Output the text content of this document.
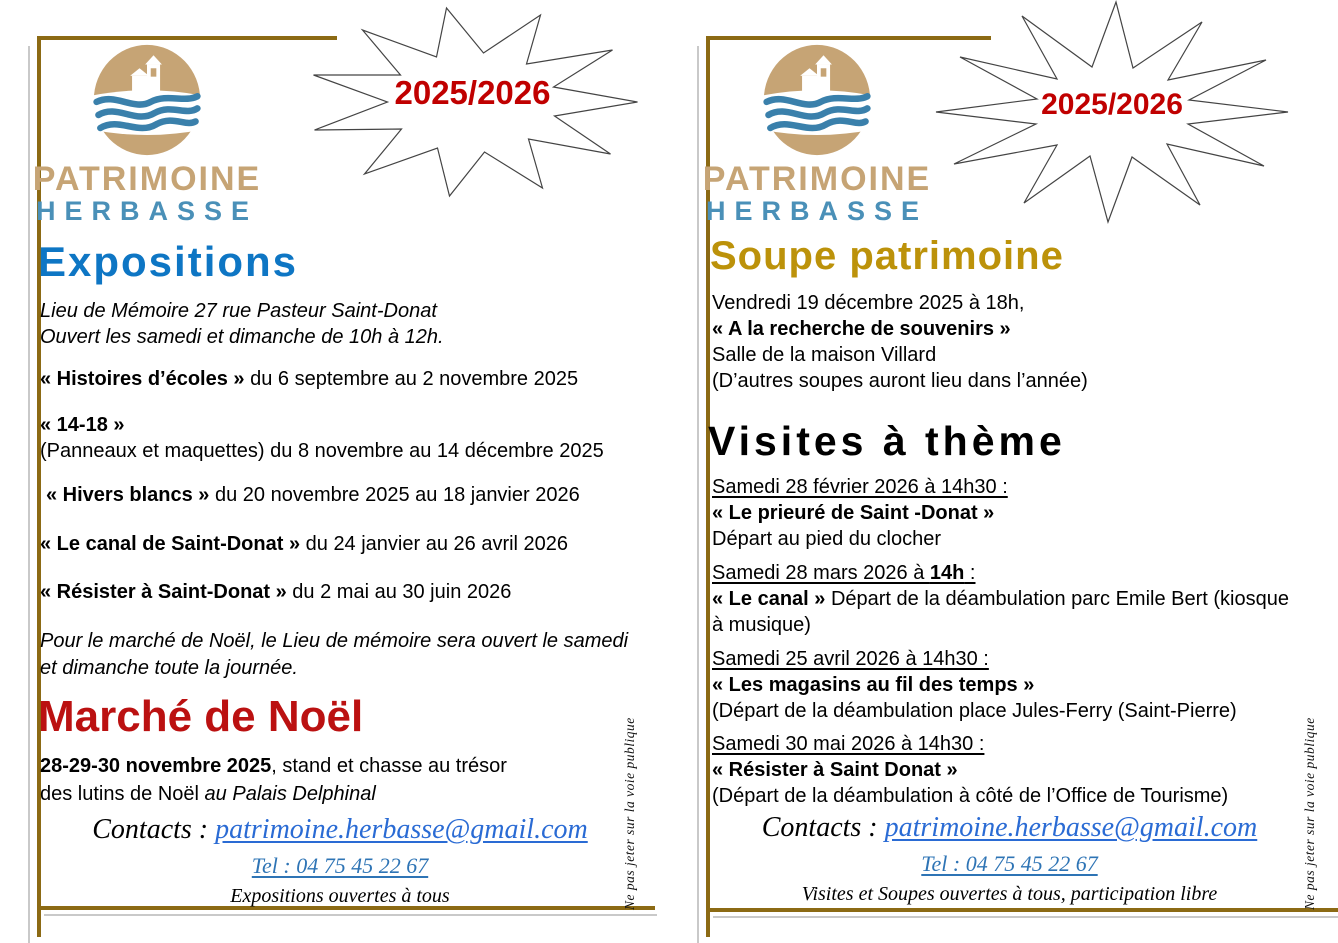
PATRIMOINE
HERBASSE
2025/2026
Expositions
Lieu de Mémoire 27 rue Pasteur Saint-Donat
Ouvert les samedi et dimanche de 10h à 12h.
« Histoires d’écoles » du 6 septembre au 2 novembre 2025
« 14-18 »
(Panneaux et maquettes) du 8 novembre au 14 décembre 2025
« Hivers blancs » du 20 novembre 2025 au 18 janvier 2026
« Le canal de Saint-Donat » du 24 janvier au 26 avril 2026
« Résister à Saint-Donat » du 2 mai au 30 juin 2026
Pour le marché de Noël, le Lieu de mémoire sera ouvert le samedi
et dimanche toute la journée.
Marché de Noël
28-29-30 novembre 2025, stand et chasse au trésor
des lutins de Noël au Palais Delphinal
Contacts : patrimoine.herbasse@gmail.com
Tel : 04 75 45 22 67
Expositions ouvertes à tous	Ne pas jeter sur la voie publique
PATRIMOINE
HERBASSE
2025/2026
Soupe patrimoine
Vendredi 19 décembre 2025 à 18h,
« A la recherche de souvenirs »
Salle de la maison Villard
(D’autres soupes auront lieu dans l’année)
Visites à thème
Samedi 28 février 2026 à 14h30 :
« Le prieuré de Saint -Donat »
Départ au pied du clocher
Samedi 28 mars 2026 à 14h :
« Le canal » Départ de la déambulation parc Emile Bert (kiosque
à musique)
Samedi 25 avril 2026 à 14h30 :
« Les magasins au fil des temps »
(Départ de la déambulation place Jules-Ferry (Saint-Pierre)
Samedi 30 mai 2026 à 14h30 :
« Résister à Saint Donat »
(Départ de la déambulation à côté de l’Office de Tourisme)
Contacts : patrimoine.herbasse@gmail.com
Tel : 04 75 45 22 67
Visites et Soupes ouvertes à tous, participation libre	Ne pas jeter sur la voie publique
